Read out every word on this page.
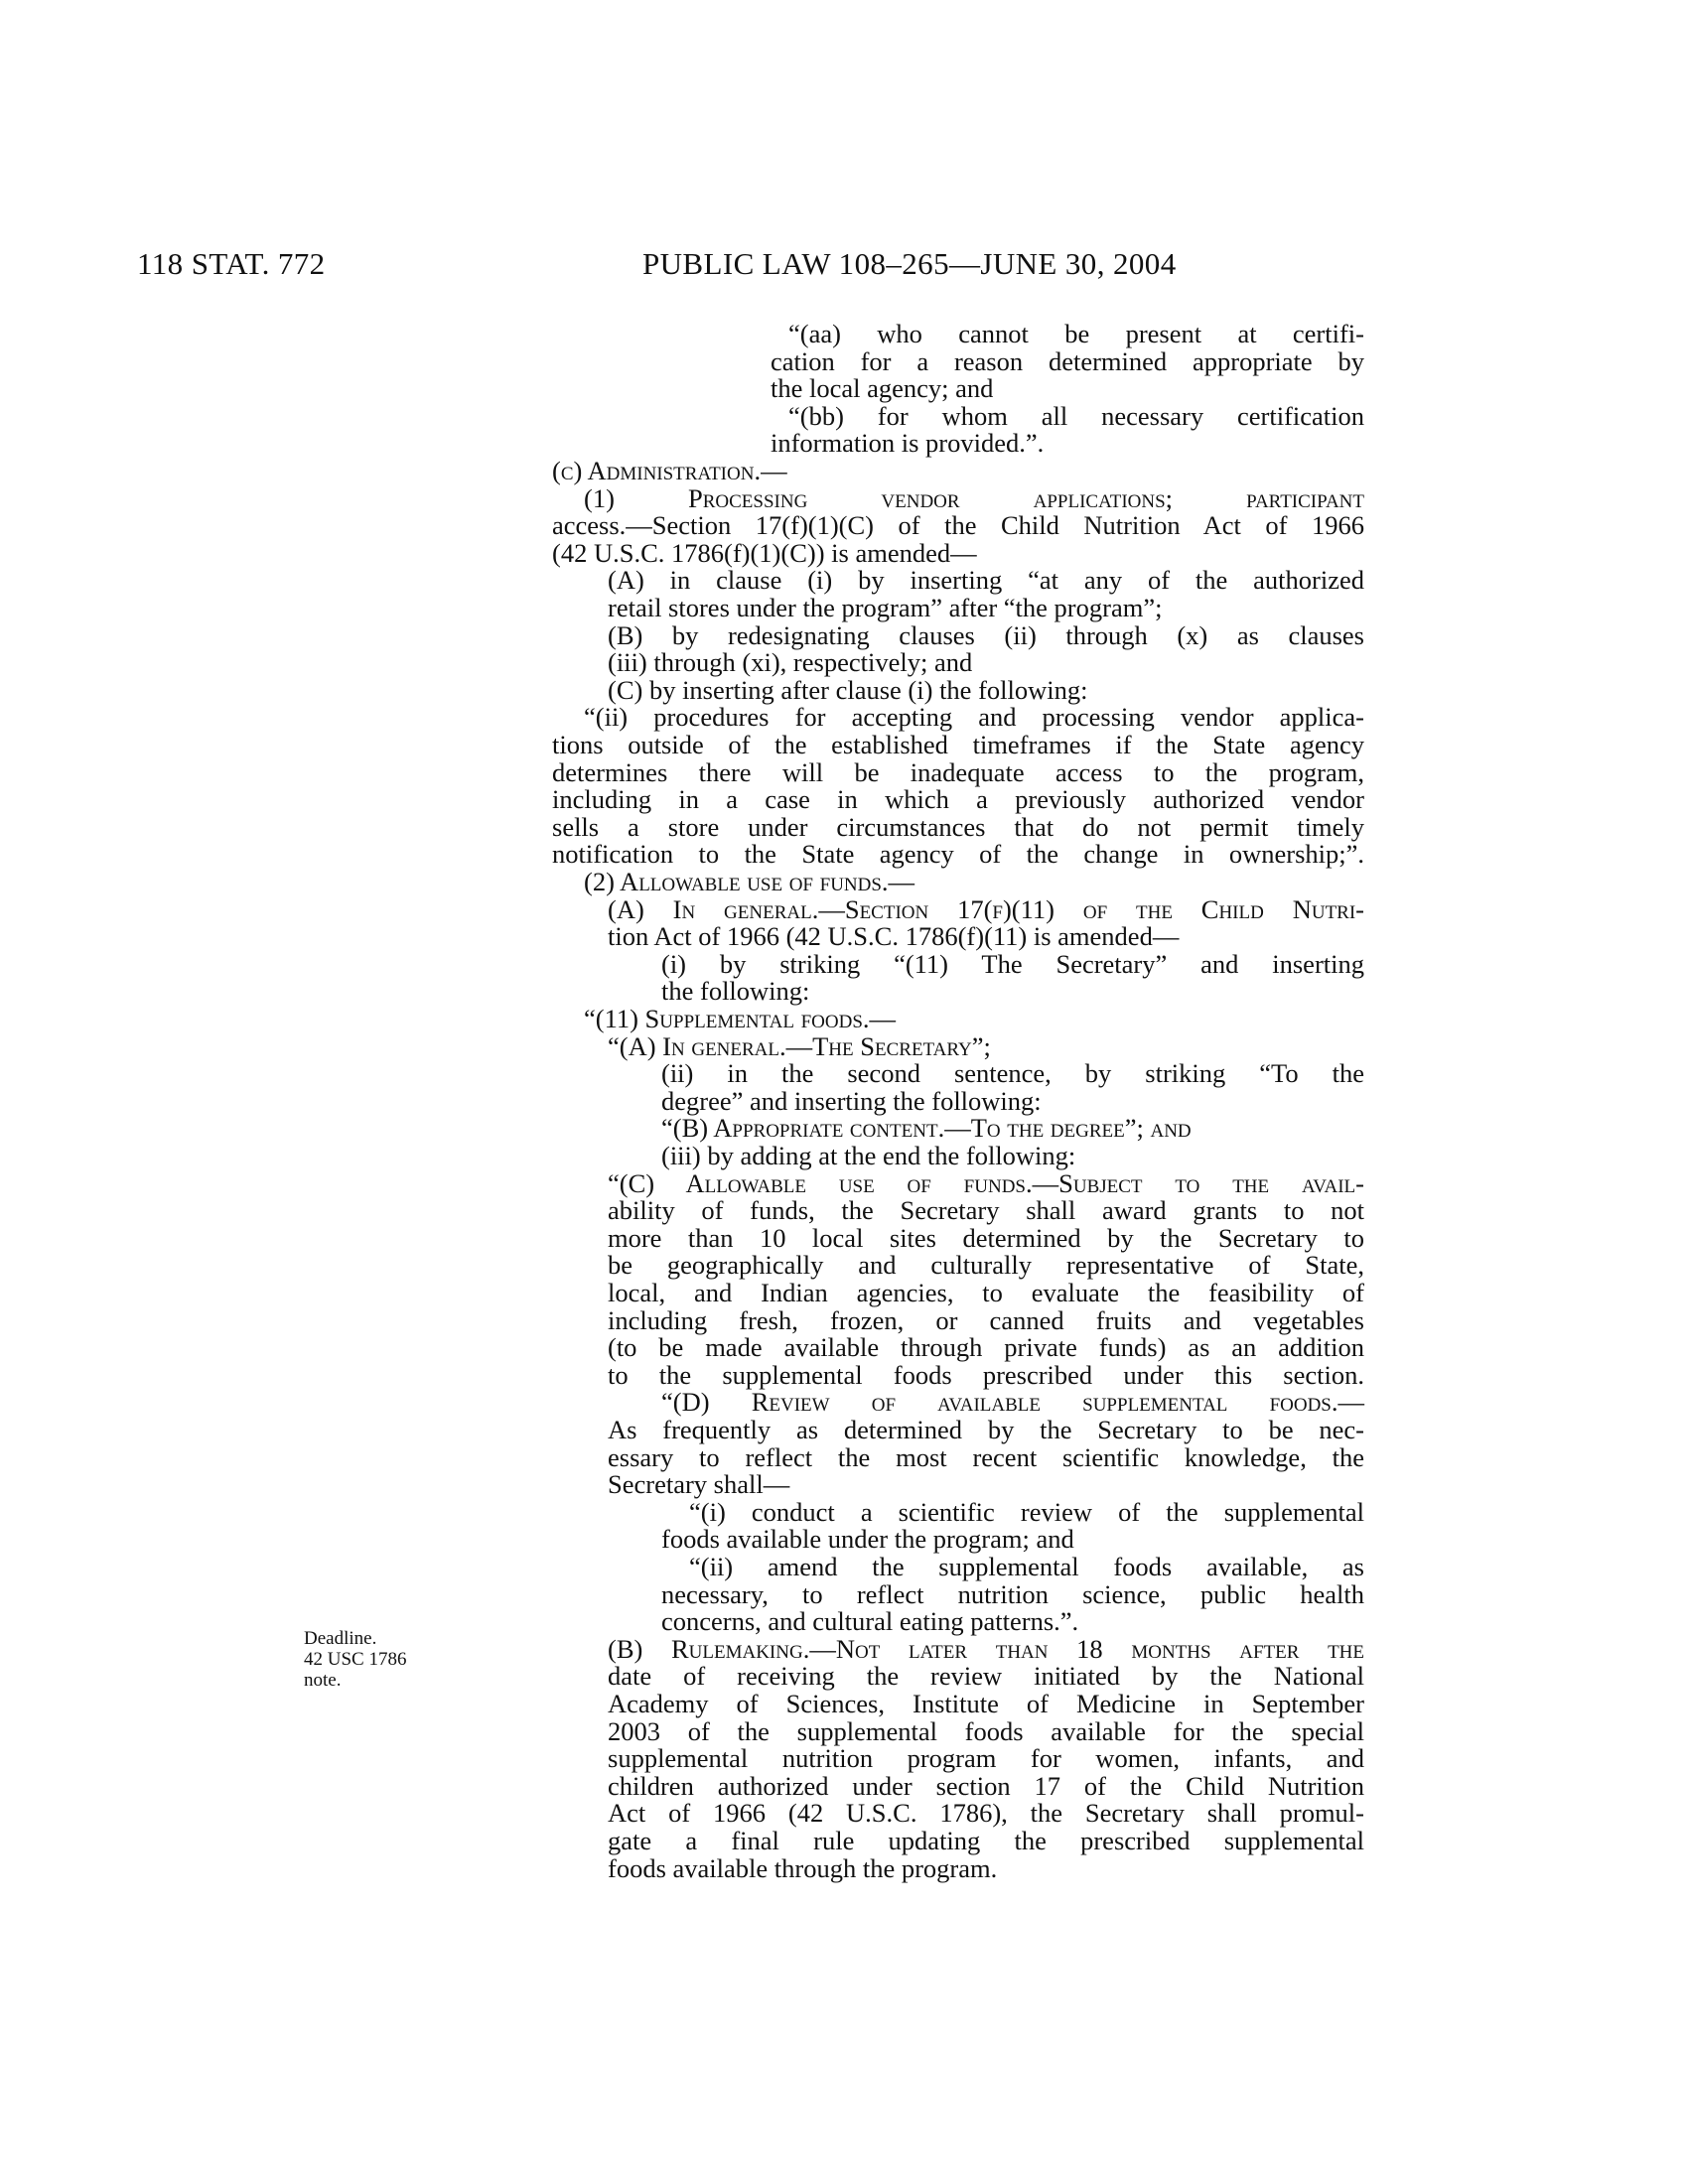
118 STAT. 772	PUBLIC LAW 108–265—JUNE 30, 2004
Deadline.
42 USC 1786
note.
“(aa) who cannot be present at certifi-
cation for a reason determined appropriate by
the local agency; and
“(bb) for whom all necessary certification
information is provided.”.
(c) Administration.—
(1) Processing vendor applications; participant
access.—Section 17(f)(1)(C) of the Child Nutrition Act of 1966
(42 U.S.C. 1786(f)(1)(C)) is amended—
(A) in clause (i) by inserting “at any of the authorized
retail stores under the program” after “the program”;
(B) by redesignating clauses (ii) through (x) as clauses
(iii) through (xi), respectively; and
(C) by inserting after clause (i) the following:
“(ii) procedures for accepting and processing vendor applica-
tions outside of the established timeframes if the State agency
determines there will be inadequate access to the program,
including in a case in which a previously authorized vendor
sells a store under circumstances that do not permit timely
notification to the State agency of the change in ownership;”.
(2) Allowable use of funds.—
(A) In general.—Section 17(f)(11) of the Child Nutri-
tion Act of 1966 (42 U.S.C. 1786(f)(11) is amended—
(i) by striking “(11) The Secretary” and inserting
the following:
“(11) Supplemental foods.—
“(A) In general.—The Secretary”;
(ii) in the second sentence, by striking “To the
degree” and inserting the following:
“(B) Appropriate content.—To the degree”; and
(iii) by adding at the end the following:
“(C) Allowable use of funds.—Subject to the avail-
ability of funds, the Secretary shall award grants to not
more than 10 local sites determined by the Secretary to
be geographically and culturally representative of State,
local, and Indian agencies, to evaluate the feasibility of
including fresh, frozen, or canned fruits and vegetables
(to be made available through private funds) as an addition
to the supplemental foods prescribed under this section.
“(D) Review of available supplemental foods.—
As frequently as determined by the Secretary to be nec-
essary to reflect the most recent scientific knowledge, the
Secretary shall—
“(i) conduct a scientific review of the supplemental
foods available under the program; and
“(ii) amend the supplemental foods available, as
necessary, to reflect nutrition science, public health
concerns, and cultural eating patterns.”.
(B) Rulemaking.—Not later than 18 months after the
date of receiving the review initiated by the National
Academy of Sciences, Institute of Medicine in September
2003 of the supplemental foods available for the special
supplemental nutrition program for women, infants, and
children authorized under section 17 of the Child Nutrition
Act of 1966 (42 U.S.C. 1786), the Secretary shall promul-
gate a final rule updating the prescribed supplemental
foods available through the program.
